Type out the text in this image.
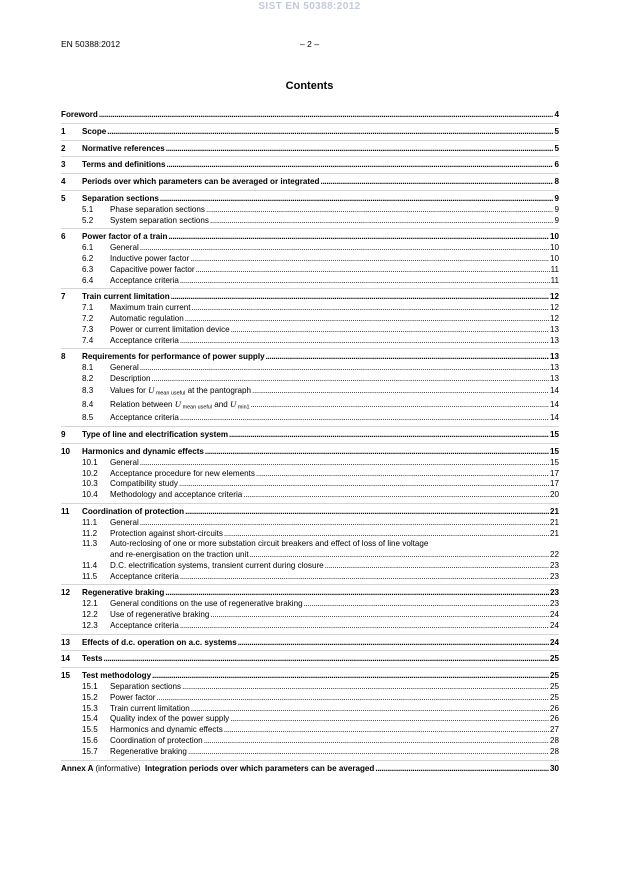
SIST EN 50388:2012
EN 50388:2012	– 2 –
Contents
Foreword .....	4
1	Scope .....	5
2	Normative references .....	5
3	Terms and definitions .....	6
4	Periods over which parameters can be averaged or integrated .....	8
5	Separation sections .....	9
5.1	Phase separation sections .....	9
5.2	System separation sections .....	9
6	Power factor of a train .....	10
6.1	General .....	10
6.2	Inductive power factor .....	10
6.3	Capacitive power factor .....	11
6.4	Acceptance criteria .....	11
7	Train current limitation .....	12
7.1	Maximum train current .....	12
7.2	Automatic regulation .....	12
7.3	Power or current limitation device .....	13
7.4	Acceptance criteria .....	13
8	Requirements for performance of power supply .....	13
8.1	General .....	13
8.2	Description .....	13
8.3	Values for U  mean useful at the pantograph .....	14
8.4	Relation between U  mean useful and U  min1 .....	14
8.5	Acceptance criteria .....	14
9	Type of line and electrification system .....	15
10	Harmonics and dynamic effects .....	15
10.1	General .....	15
10.2	Acceptance procedure for new elements .....	17
10.3	Compatibility study .....	17
10.4	Methodology and acceptance criteria .....	20
11	Coordination of protection .....	21
11.1	General .....	21
11.2	Protection against short-circuits .....	21
11.3	Auto-reclosing of one or more substation circuit breakers and effect of loss of line voltage
and re-energisation on the traction unit .....	22
11.4	D.C. electrification systems, transient current during closure .....	23
11.5	Acceptance criteria .....	23
12	Regenerative braking .....	23
12.1	General conditions on the use of regenerative braking .....	23
12.2	Use of regenerative braking .....	24
12.3	Acceptance criteria .....	24
13	Effects of d.c. operation on a.c. systems .....	24
14	Tests .....	25
15	Test methodology .....	25
15.1	Separation sections .....	25
15.2	Power factor .....	25
15.3	Train current limitation .....	26
15.4	Quality index of the power supply .....	26
15.5	Harmonics and dynamic effects .....	27
15.6	Coordination of protection .....	28
15.7	Regenerative braking .....	28
Annex A (informative) Integration periods over which parameters can be averaged .....	30
